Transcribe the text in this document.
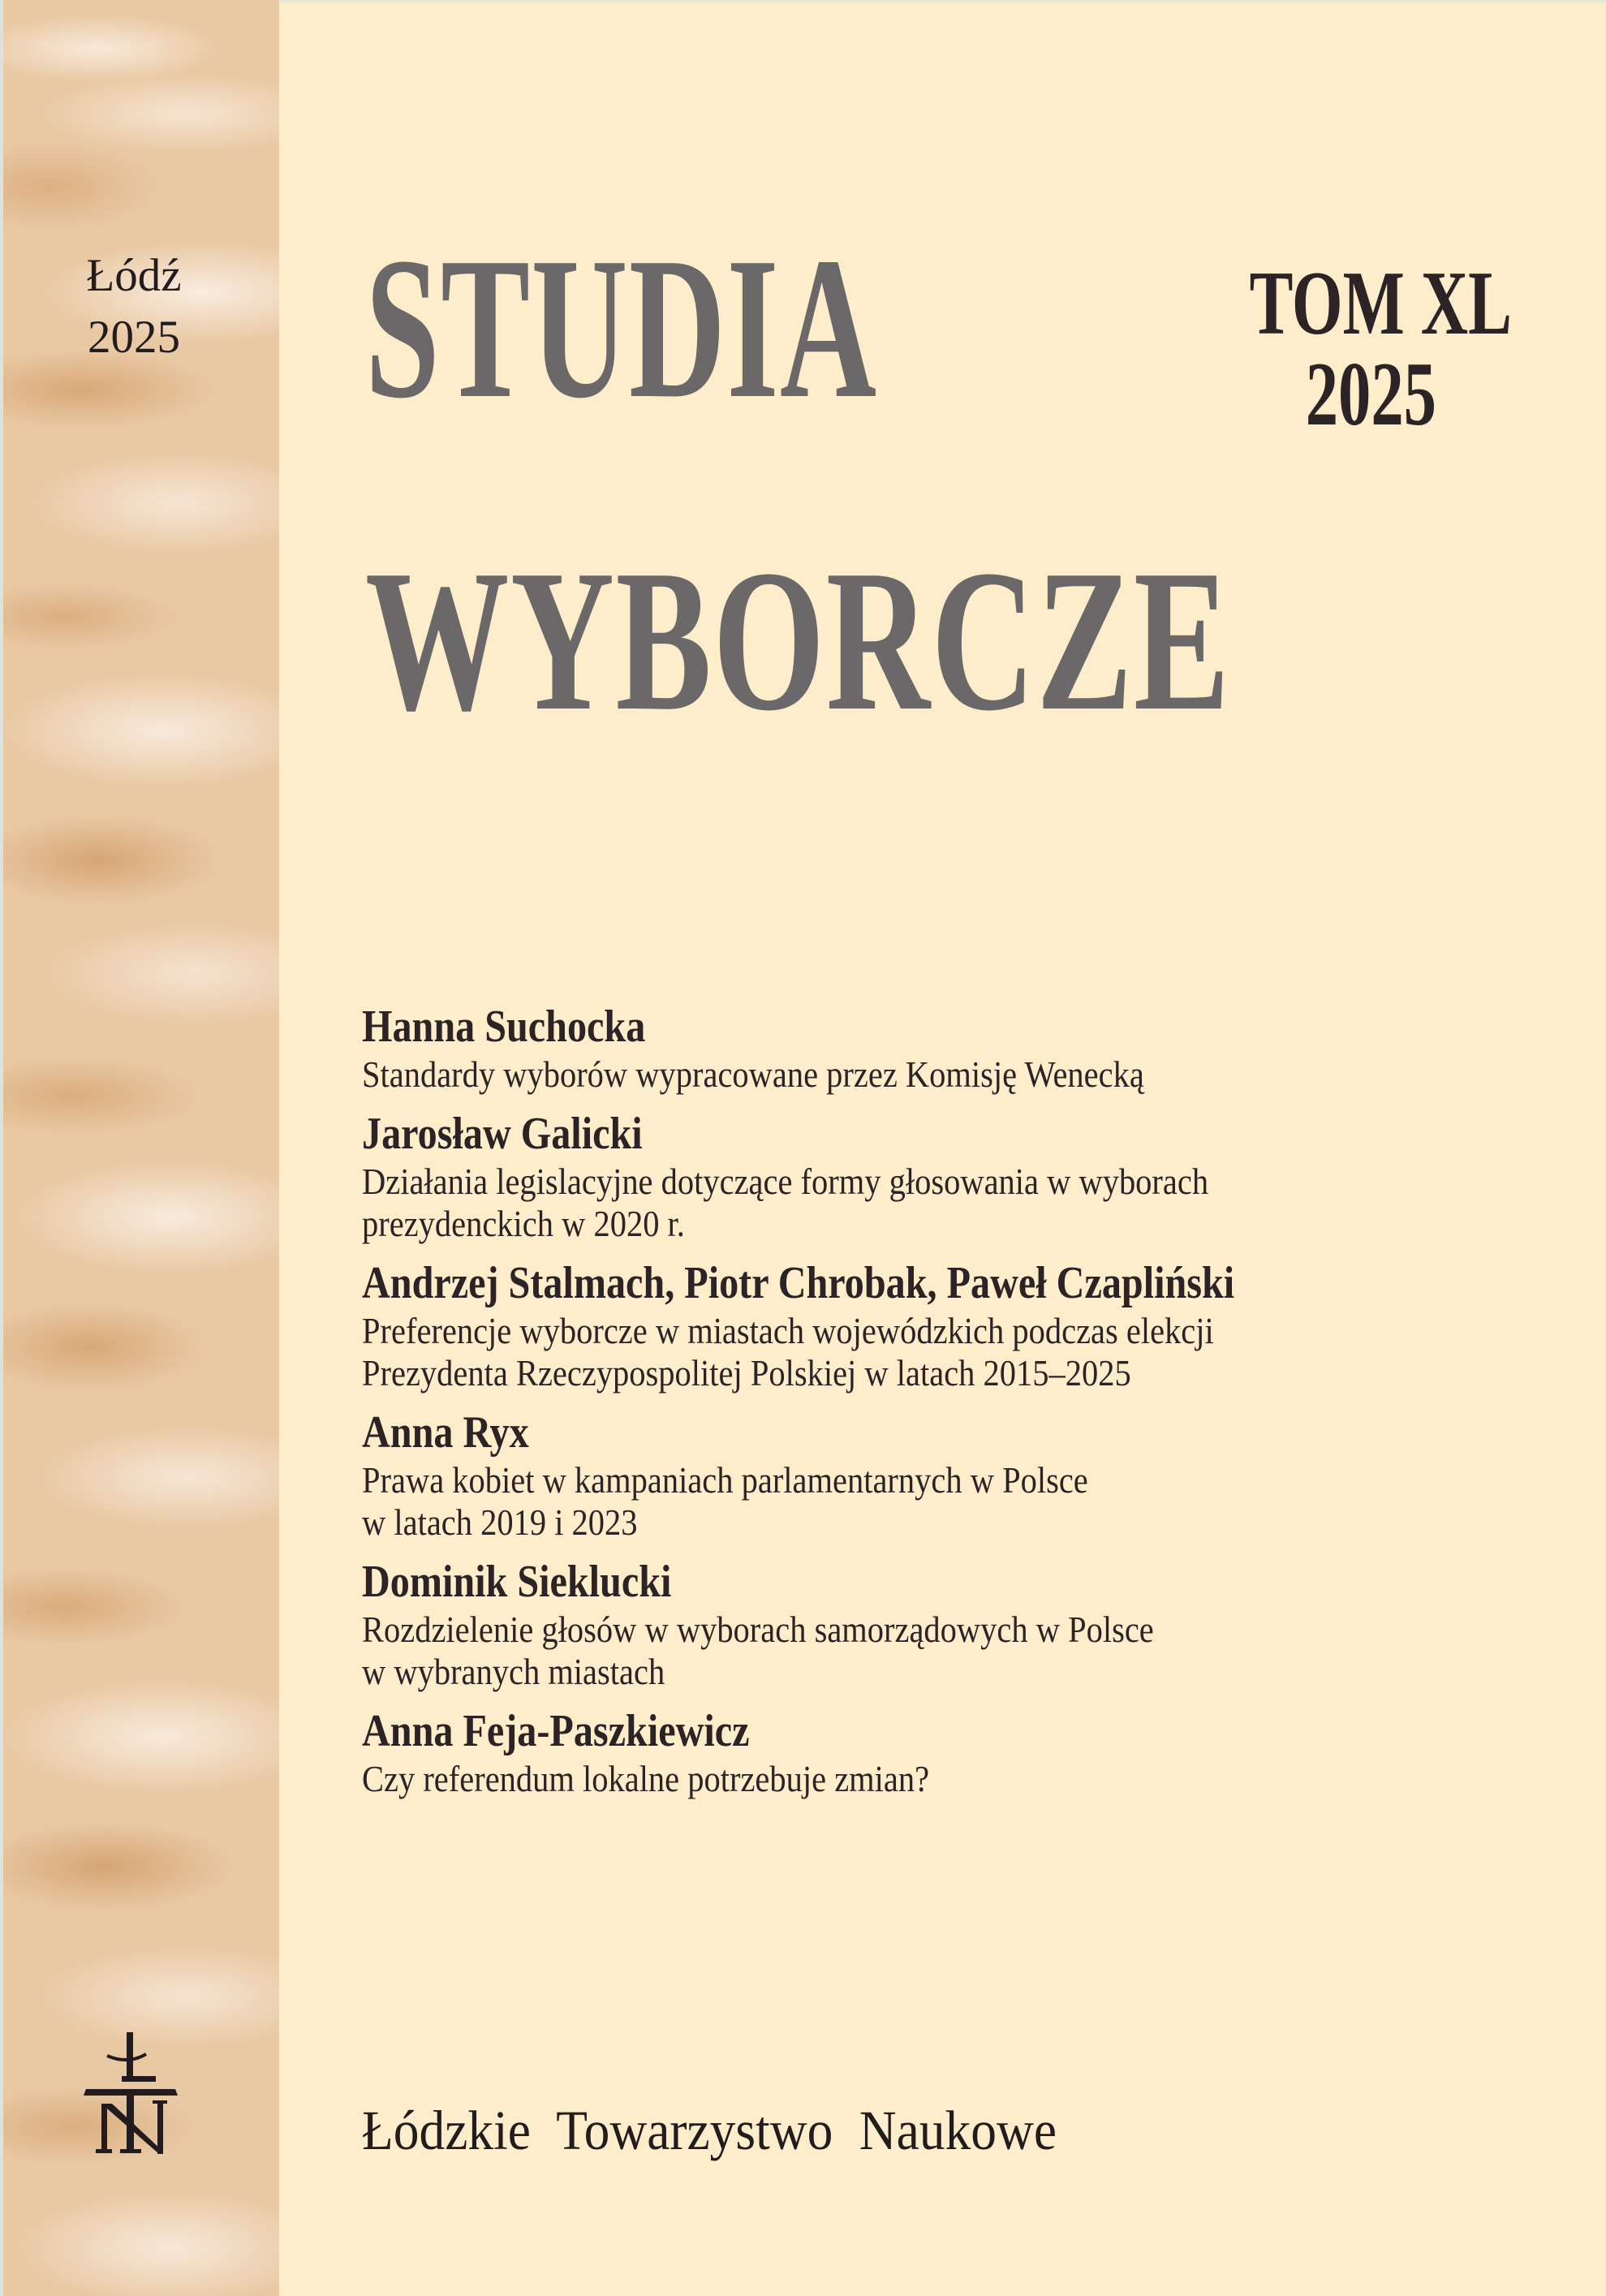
Łódź
2025 STUDIA
WYBORCZE
TOM XL
2025
Hanna Suchocka
Standardy wyborów wypracowane przez Komisję Wenecką
Jarosław Galicki
Działania legislacyjne dotyczące formy głosowania w wyborach
prezydenckich w 2020 r.
Andrzej Stalmach, Piotr Chrobak, Paweł Czapliński
Preferencje wyborcze w miastach wojewódzkich podczas elekcji
Prezydenta Rzeczypospolitej Polskiej w latach 2015–2025
Anna Ryx
Prawa kobiet w kampaniach parlamentarnych w Polsce
w latach 2019 i 2023
Dominik Sieklucki
Rozdzielenie głosów w wyborach samorządowych w Polsce
w wybranych miastach
Anna Feja-Paszkiewicz
Czy referendum lokalne potrzebuje zmian?
Łódzkie Towarzystwo Naukowe
